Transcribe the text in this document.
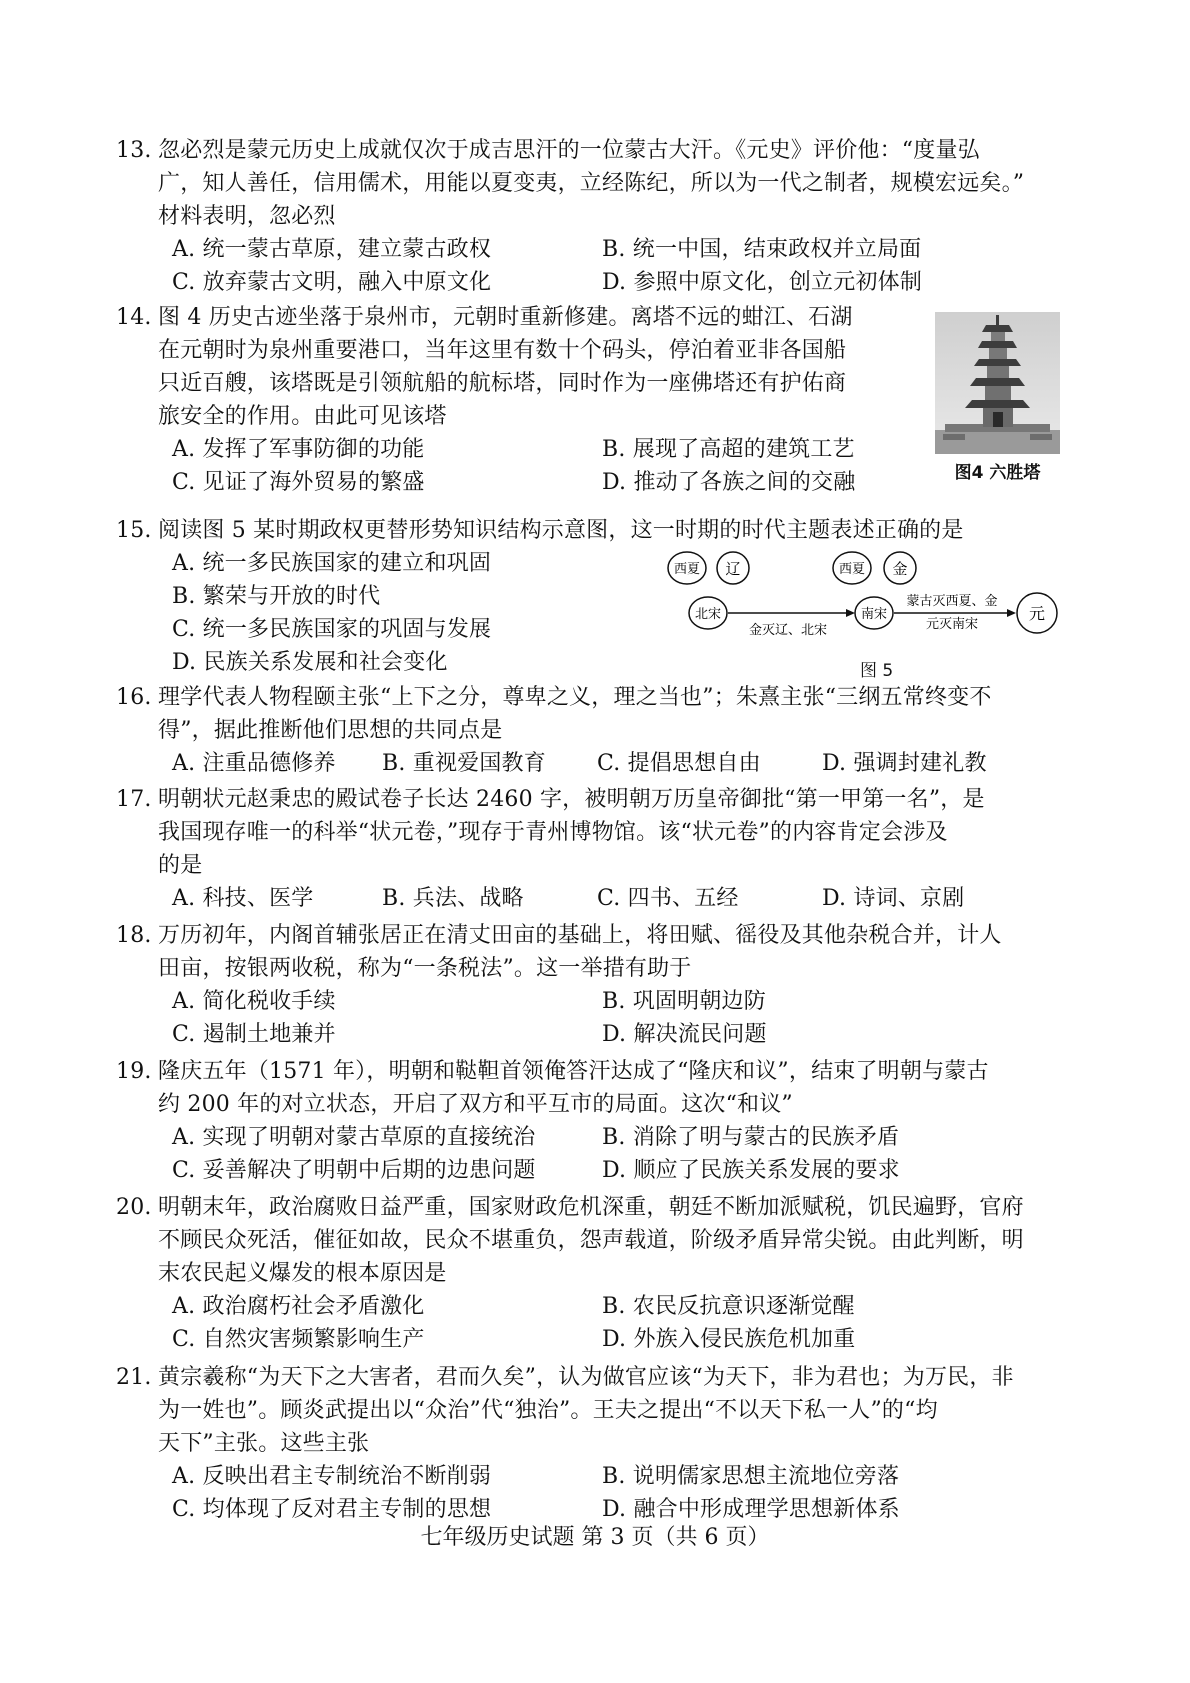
13. 忽必烈是蒙元历史上成就仅次于成吉思汗的一位蒙古大汗。《元史》评价他：“度量弘
广，知人善任，信用儒术，用能以夏变夷，立经陈纪，所以为一代之制者，规模宏远矣。”
材料表明，忽必烈
A. 统一蒙古草原，建立蒙古政权	B. 统一中国，结束政权并立局面
C. 放弃蒙古文明，融入中原文化	D. 参照中原文化，创立元初体制
14. 图 4 历史古迹坐落于泉州市，元朝时重新修建。离塔不远的蚶江、石湖
在元朝时为泉州重要港口，当年这里有数十个码头，停泊着亚非各国船
只近百艘，该塔既是引领航船的航标塔，同时作为一座佛塔还有护佑商
旅安全的作用。由此可见该塔
A. 发挥了军事防御的功能	B. 展现了高超的建筑工艺
C. 见证了海外贸易的繁盛	D. 推动了各族之间的交融	图4 六胜塔
15. 阅读图 5 某时期政权更替形势知识结构示意图，这一时期的时代主题表述正确的是
A. 统一多民族国家的建立和巩固
B. 繁荣与开放的时代
C. 统一多民族国家的巩固与发展
D. 民族关系发展和社会变化
西夏 辽	西夏 金
北宋	南宋	元
金灭辽、北宋
蒙古灭西夏、金
元灭南宋
图 5
16. 理学代表人物程颐主张“上下之分，尊卑之义，理之当也”；朱熹主张“三纲五常终变不
得”，据此推断他们思想的共同点是
A. 注重品德修养	B. 重视爱国教育	C. 提倡思想自由	D. 强调封建礼教
17. 明朝状元赵秉忠的殿试卷子长达 2460 字，被明朝万历皇帝御批“第一甲第一名”，是
我国现存唯一的科举“状元卷，”现存于青州博物馆。该“状元卷”的内容肯定会涉及
的是
A. 科技、医学	B. 兵法、战略	C. 四书、五经	D. 诗词、京剧
18. 万历初年，内阁首辅张居正在清丈田亩的基础上，将田赋、徭役及其他杂税合并，计人
田亩，按银两收税，称为“一条税法”。这一举措有助于
A. 简化税收手续	B. 巩固明朝边防
C. 遏制土地兼并	D. 解决流民问题
19. 隆庆五年（1571 年），明朝和鞑靼首领俺答汗达成了“隆庆和议”，结束了明朝与蒙古
约 200 年的对立状态，开启了双方和平互市的局面。这次“和议”
A. 实现了明朝对蒙古草原的直接统治	B. 消除了明与蒙古的民族矛盾
C. 妥善解决了明朝中后期的边患问题	D. 顺应了民族关系发展的要求
20. 明朝末年，政治腐败日益严重，国家财政危机深重，朝廷不断加派赋税，饥民遍野，官府
不顾民众死活，催征如故，民众不堪重负，怨声载道，阶级矛盾异常尖锐。由此判断，明
末农民起义爆发的根本原因是
A. 政治腐朽社会矛盾激化	B. 农民反抗意识逐渐觉醒
C. 自然灾害频繁影响生产	D. 外族入侵民族危机加重
21. 黄宗羲称“为天下之大害者，君而久矣”，认为做官应该“为天下，非为君也；为万民，非
为一姓也”。顾炎武提出以“众治”代“独治”。王夫之提出“不以天下私一人”的“均
天下”主张。这些主张
A. 反映出君主专制统治不断削弱	B. 说明儒家思想主流地位旁落
C. 均体现了反对君主专制的思想	D. 融合中形成理学思想新体系
七年级历史试题 第 3 页（共 6 页）
